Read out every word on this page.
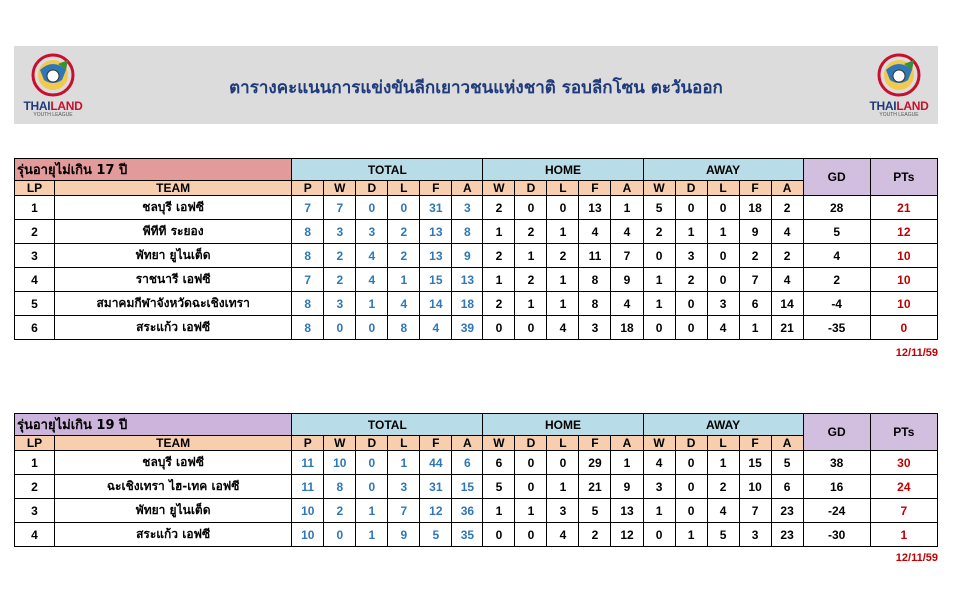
THAILAND
YOUTH LEAGUE
ตารางคะแนนการแข่งขันลีกเยาวชนแห่งชาติ รอบลีกโซน ตะวันออก
THAILAND
YOUTH LEAGUE
รุ่นอายุไม่เกิน 17 ปี		TOTAL						HOME					AWAY					GD	PTs
LP	TEAM	P	W	D	L	F	A	W	D	L	F	A	W	D	L	F	A		
1	ชลบุรี เอฟซี	7	7	0	0	31	3	2	0	0	13	1	5	0	0	18	2	28	21
2	พีทีที ระยอง	8	3	3	2	13	8	1	2	1	4	4	2	1	1	9	4	5	12
3	พัทยา ยูไนเต็ด	8	2	4	2	13	9	2	1	2	11	7	0	3	0	2	2	4	10
4	ราชนารี เอฟซี	7	2	4	1	15	13	1	2	1	8	9	1	2	0	7	4	2	10
5	สมาคมกีฬาจังหวัดฉะเชิงเทรา	8	3	1	4	14	18	2	1	1	8	4	1	0	3	6	14	-4	10
6	สระแก้ว เอฟซี	8	0	0	8	4	39	0	0	4	3	18	0	0	4	1	21	-35	0
12/11/59
รุ่นอายุไม่เกิน 19 ปี		TOTAL						HOME					AWAY					GD	PTs
LP	TEAM	P	W	D	L	F	A	W	D	L	F	A	W	D	L	F	A		
1	ชลบุรี เอฟซี	11	10	0	1	44	6	6	0	0	29	1	4	0	1	15	5	38	30
2	ฉะเชิงเทรา ไฮ-เทค เอฟซี	11	8	0	3	31	15	5	0	1	21	9	3	0	2	10	6	16	24
3	พัทยา ยูไนเต็ด	10	2	1	7	12	36	1	1	3	5	13	1	0	4	7	23	-24	7
4	สระแก้ว เอฟซี	10	0	1	9	5	35	0	0	4	2	12	0	1	5	3	23	-30	1
12/11/59
